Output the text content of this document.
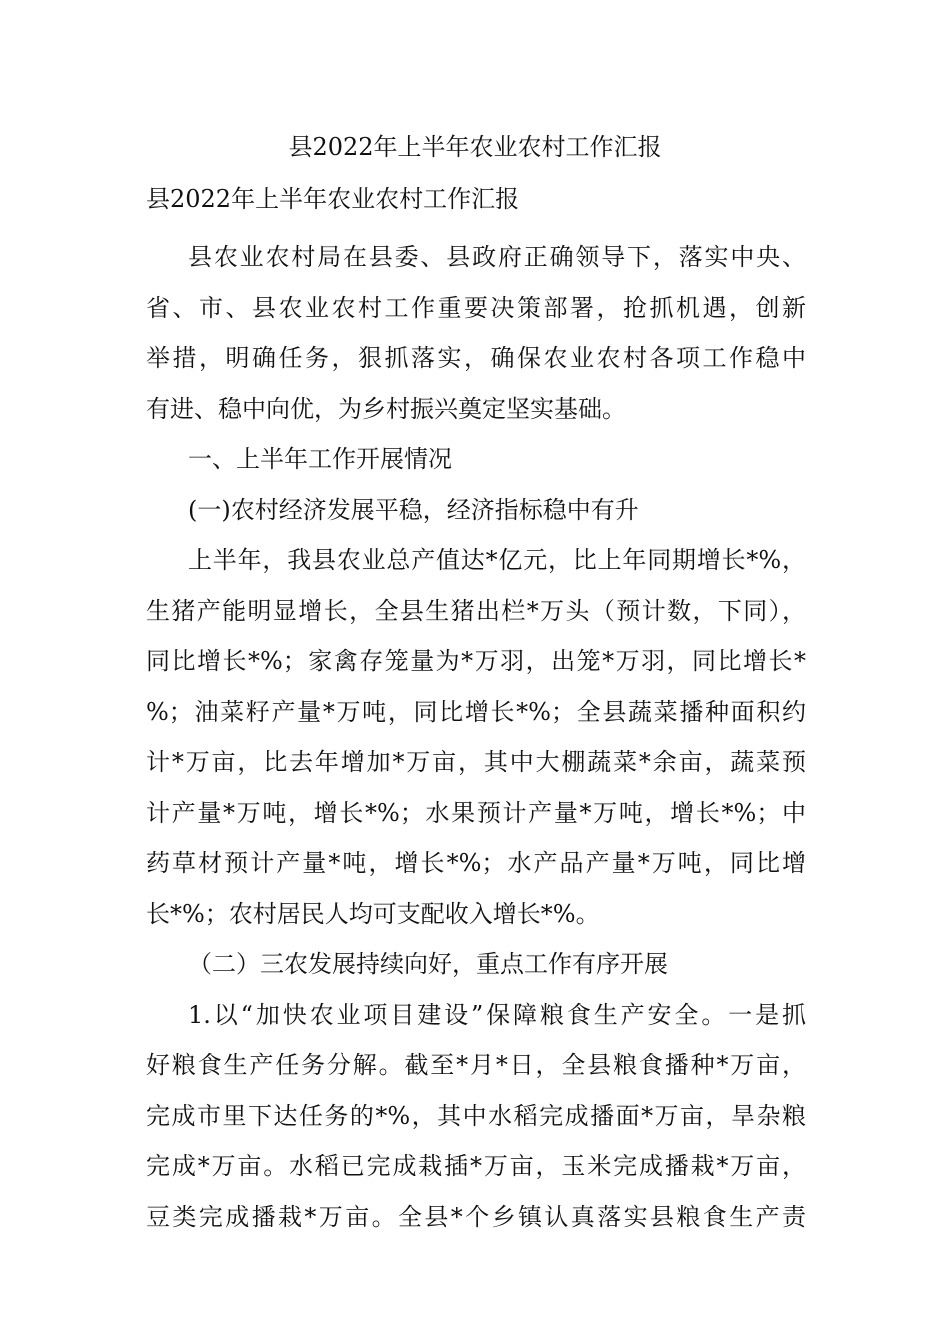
县2022年上半年农业农村工作汇报
县2022年上半年农业农村工作汇报
县农业农村局在县委、县政府正确领导下，落实中央、
省、市、县农业农村工作重要决策部署，抢抓机遇，创新
举措，明确任务，狠抓落实，确保农业农村各项工作稳中
有进、稳中向优，为乡村振兴奠定坚实基础。
一、上半年工作开展情况
(一)农村经济发展平稳，经济指标稳中有升
上半年，我县农业总产值达*亿元，比上年同期增长*%，
生猪产能明显增长，全县生猪出栏*万头（预计数，下同），
同比增长*%；家禽存笼量为*万羽，出笼*万羽，同比增长*
%；油菜籽产量*万吨，同比增长*%；全县蔬菜播种面积约
计*万亩，比去年增加*万亩，其中大棚蔬菜*余亩，蔬菜预
计产量*万吨，增长*%；水果预计产量*万吨，增长*%；中
药草材预计产量*吨，增长*%；水产品产量*万吨，同比增
长*%；农村居民人均可支配收入增长*%。
（二）三农发展持续向好，重点工作有序开展
1.以“加快农业项目建设”保障粮食生产安全。一是抓
好粮食生产任务分解。截至*月*日，全县粮食播种*万亩，
完成市里下达任务的*%，其中水稻完成播面*万亩，旱杂粮
完成*万亩。水稻已完成栽插*万亩，玉米完成播栽*万亩，
豆类完成播栽*万亩。全县*个乡镇认真落实县粮食生产责
